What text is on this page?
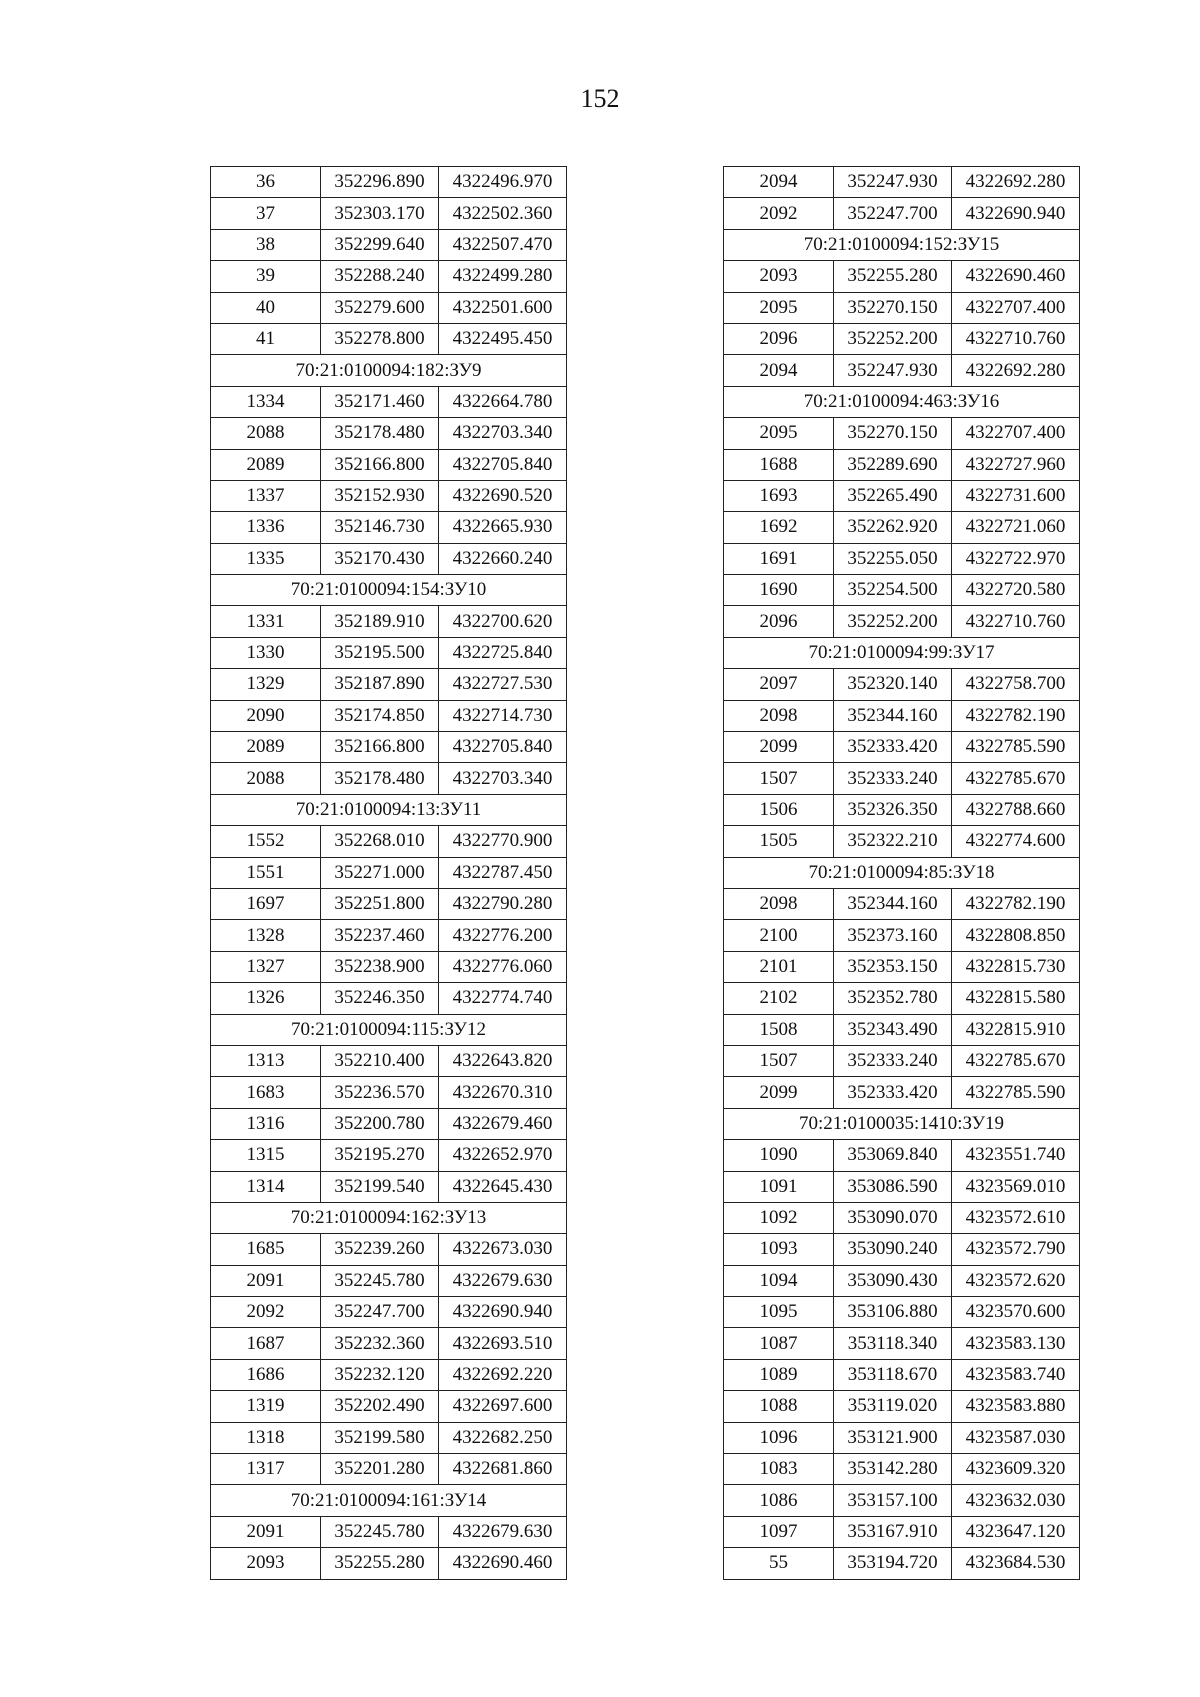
152
36	352296.890	4322496.970
37	352303.170	4322502.360
38	352299.640	4322507.470
39	352288.240	4322499.280
40	352279.600	4322501.600
41	352278.800	4322495.450
70:21:0100094:182:ЗУ9		
1334	352171.460	4322664.780
2088	352178.480	4322703.340
2089	352166.800	4322705.840
1337	352152.930	4322690.520
1336	352146.730	4322665.930
1335	352170.430	4322660.240
70:21:0100094:154:ЗУ10		
1331	352189.910	4322700.620
1330	352195.500	4322725.840
1329	352187.890	4322727.530
2090	352174.850	4322714.730
2089	352166.800	4322705.840
2088	352178.480	4322703.340
70:21:0100094:13:ЗУ11		
1552	352268.010	4322770.900
1551	352271.000	4322787.450
1697	352251.800	4322790.280
1328	352237.460	4322776.200
1327	352238.900	4322776.060
1326	352246.350	4322774.740
70:21:0100094:115:ЗУ12		
1313	352210.400	4322643.820
1683	352236.570	4322670.310
1316	352200.780	4322679.460
1315	352195.270	4322652.970
1314	352199.540	4322645.430
70:21:0100094:162:ЗУ13		
1685	352239.260	4322673.030
2091	352245.780	4322679.630
2092	352247.700	4322690.940
1687	352232.360	4322693.510
1686	352232.120	4322692.220
1319	352202.490	4322697.600
1318	352199.580	4322682.250
1317	352201.280	4322681.860
70:21:0100094:161:ЗУ14		
2091	352245.780	4322679.630
2093	352255.280	4322690.460
2094	352247.930	4322692.280
2092	352247.700	4322690.940
70:21:0100094:152:ЗУ15		
2093	352255.280	4322690.460
2095	352270.150	4322707.400
2096	352252.200	4322710.760
2094	352247.930	4322692.280
70:21:0100094:463:ЗУ16		
2095	352270.150	4322707.400
1688	352289.690	4322727.960
1693	352265.490	4322731.600
1692	352262.920	4322721.060
1691	352255.050	4322722.970
1690	352254.500	4322720.580
2096	352252.200	4322710.760
70:21:0100094:99:ЗУ17		
2097	352320.140	4322758.700
2098	352344.160	4322782.190
2099	352333.420	4322785.590
1507	352333.240	4322785.670
1506	352326.350	4322788.660
1505	352322.210	4322774.600
70:21:0100094:85:ЗУ18		
2098	352344.160	4322782.190
2100	352373.160	4322808.850
2101	352353.150	4322815.730
2102	352352.780	4322815.580
1508	352343.490	4322815.910
1507	352333.240	4322785.670
2099	352333.420	4322785.590
70:21:0100035:1410:ЗУ19		
1090	353069.840	4323551.740
1091	353086.590	4323569.010
1092	353090.070	4323572.610
1093	353090.240	4323572.790
1094	353090.430	4323572.620
1095	353106.880	4323570.600
1087	353118.340	4323583.130
1089	353118.670	4323583.740
1088	353119.020	4323583.880
1096	353121.900	4323587.030
1083	353142.280	4323609.320
1086	353157.100	4323632.030
1097	353167.910	4323647.120
55	353194.720	4323684.530
